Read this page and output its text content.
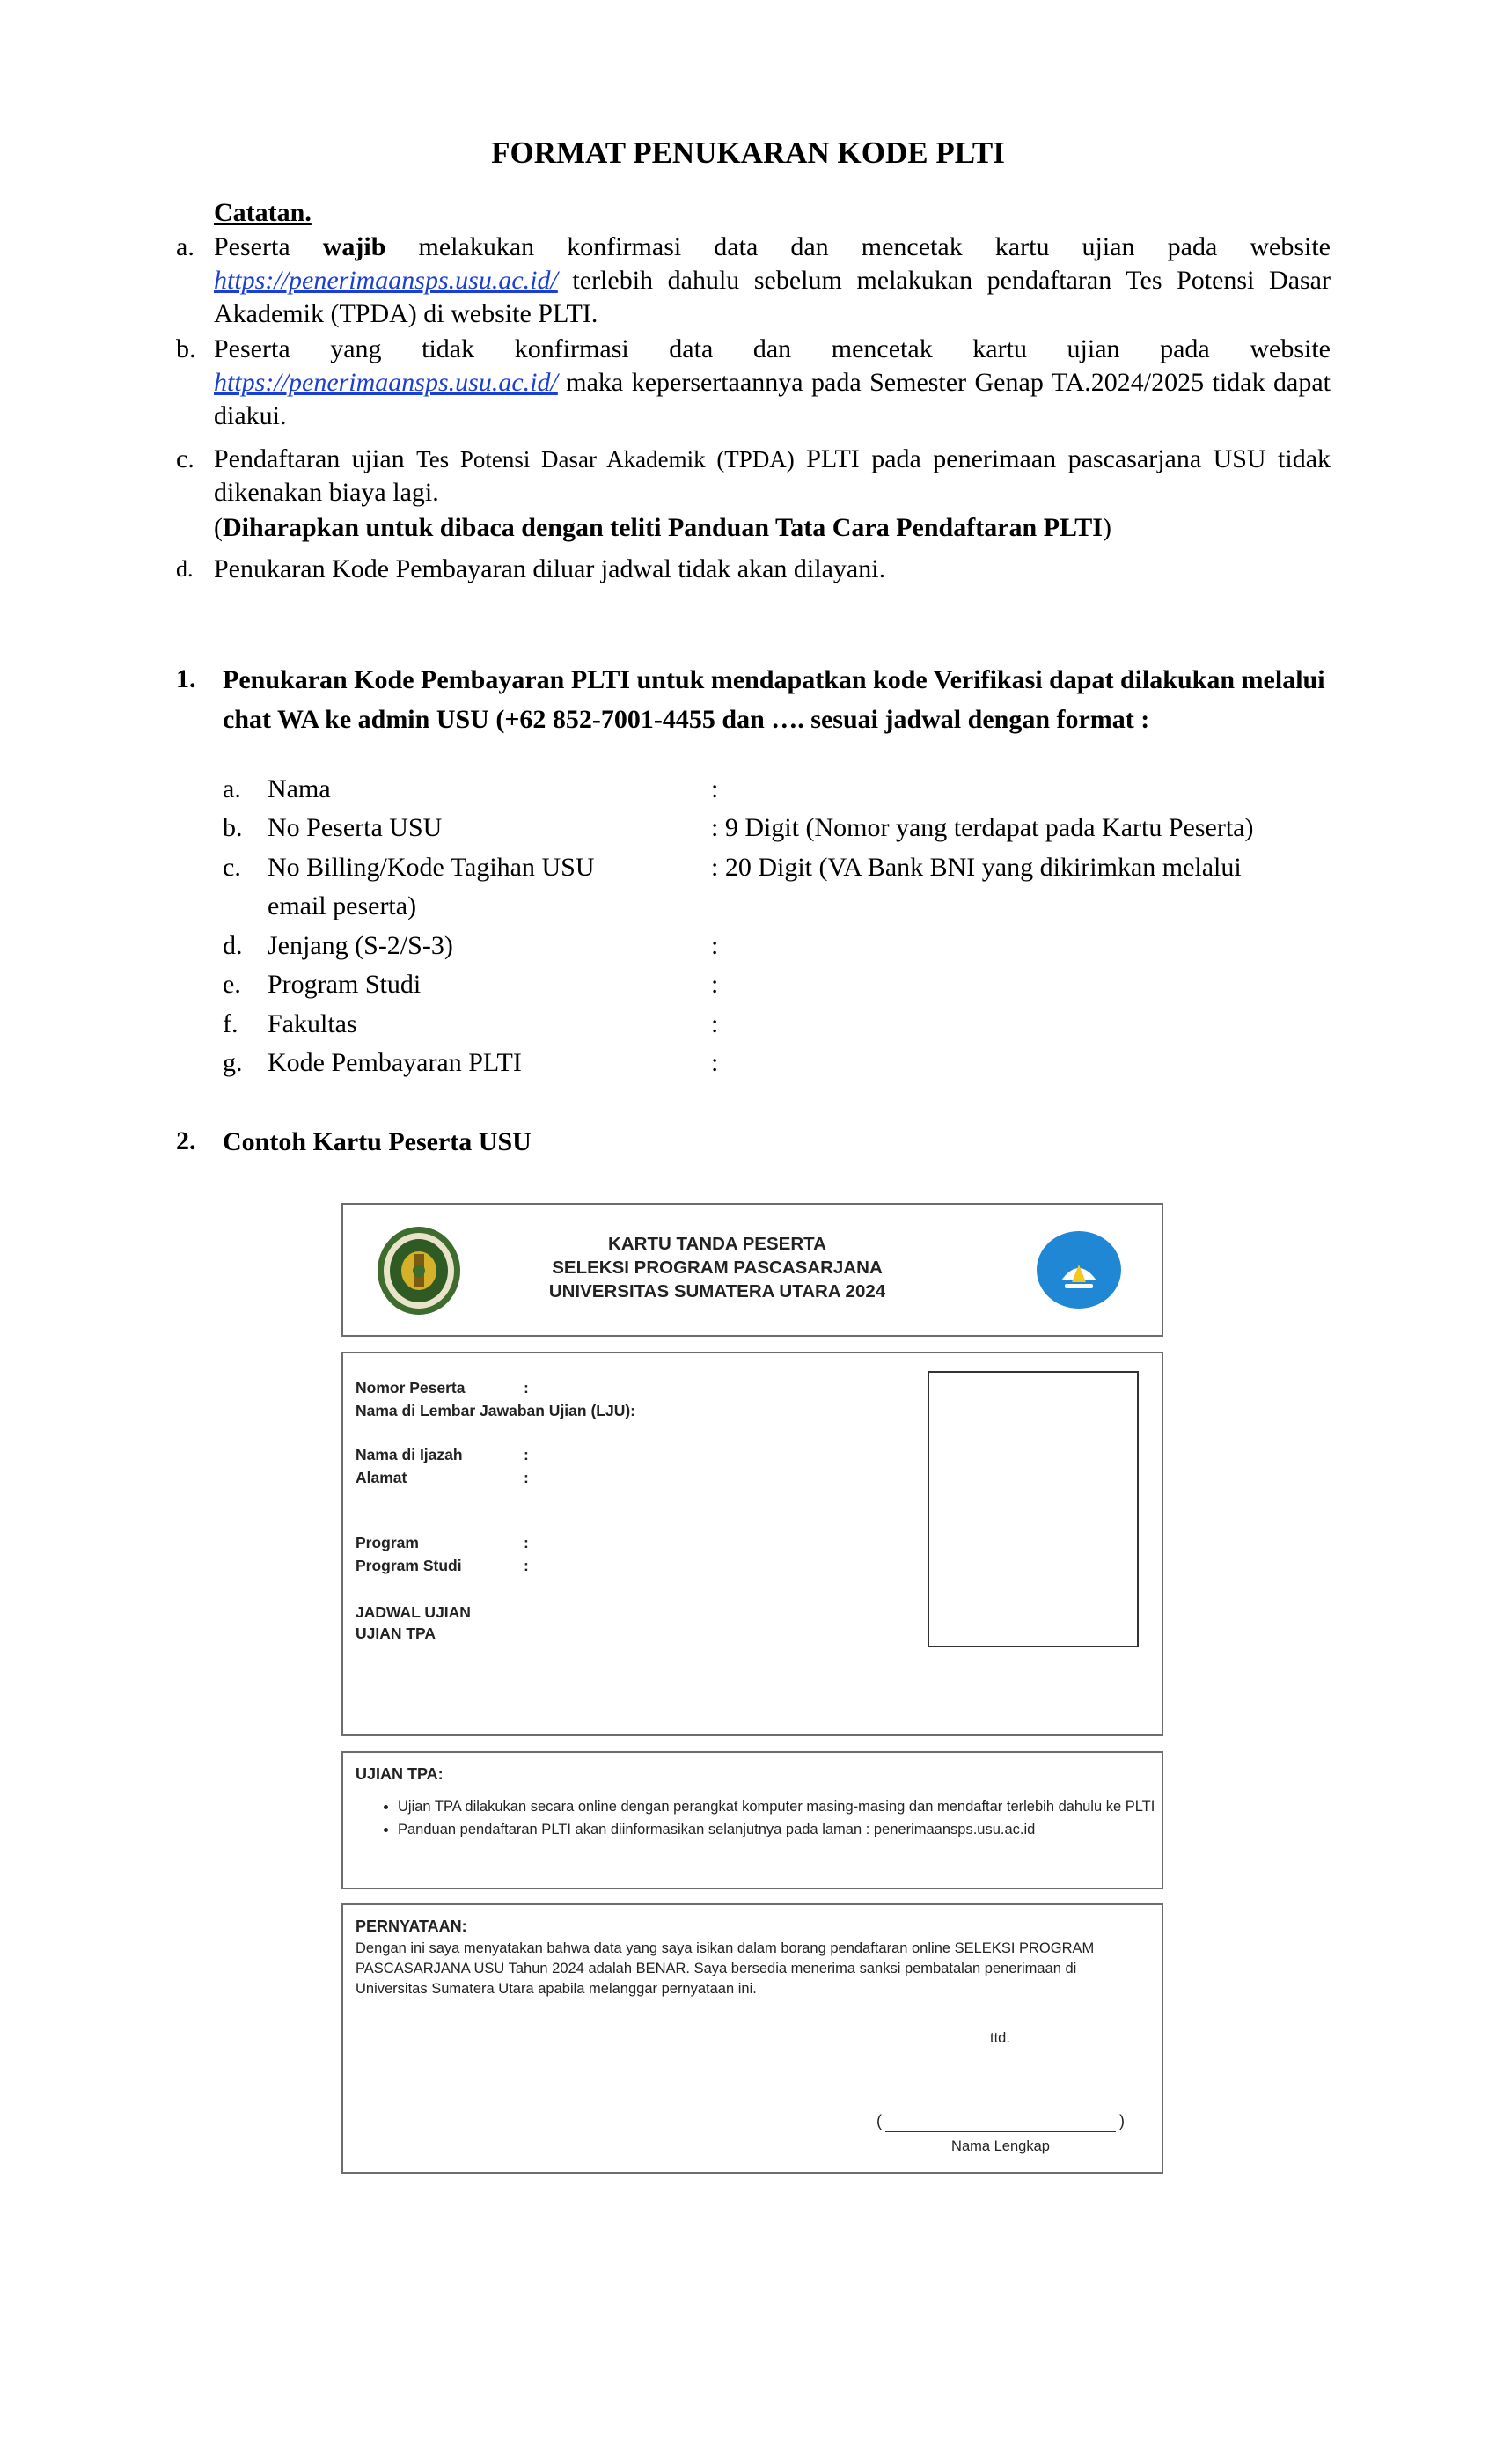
FORMAT PENUKARAN KODE PLTI
Catatan.
a. Peserta wajib melakukan konfirmasi data dan mencetak kartu ujian pada website https://penerimaansps.usu.ac.id/ terlebih dahulu sebelum melakukan pendaftaran Tes Potensi Dasar Akademik (TPDA) di website PLTI.
b. Peserta yang tidak konfirmasi data dan mencetak kartu ujian pada website https://penerimaansps.usu.ac.id/ maka kepersertaannya pada Semester Genap TA.2024/2025 tidak dapat diakui.
c. Pendaftaran ujian Tes Potensi Dasar Akademik (TPDA) PLTI pada penerimaan pascasarjana USU tidak dikenakan biaya lagi.
(Diharapkan untuk dibaca dengan teliti Panduan Tata Cara Pendaftaran PLTI)
d. Penukaran Kode Pembayaran diluar jadwal tidak akan dilayani.
1. Penukaran Kode Pembayaran PLTI untuk mendapatkan kode Verifikasi dapat dilakukan melalui chat WA ke admin USU (+62 852-7001-4455 dan …. sesuai jadwal dengan format :
a.	Nama	:
b. No Peserta USU	: 9 Digit (Nomor yang terdapat pada Kartu Peserta)
c.	No Billing/Kode Tagihan USU	: 20 Digit (VA Bank BNI yang dikirimkan melalui
email peserta)
d. Jenjang (S-2/S-3)	:
e.	Program Studi	:
f.	Fakultas	:
g. Kode Pembayaran PLTI	:
2. Contoh Kartu Peserta USU
KARTU TANDA PESERTA
SELEKSI PROGRAM PASCASARJANA
UNIVERSITAS SUMATERA UTARA 2024
Nomor Peserta	:
Nama di Lembar Jawaban Ujian (LJU):
Nama di Ijazah	:
Alamat	:
Program	:
Program Studi	:
JADWAL UJIAN
UJIAN TPA
UJIAN TPA:
• Ujian TPA dilakukan secara online dengan perangkat komputer masing-masing dan mendaftar terlebih dahulu ke PLTI
• Panduan pendaftaran PLTI akan diinformasikan selanjutnya pada laman : penerimaansps.usu.ac.id
PERNYATAAN:
Dengan ini saya menyatakan bahwa data yang saya isikan dalam borang pendaftaran online SELEKSI PROGRAM PASCASARJANA USU Tahun 2024 adalah BENAR. Saya bersedia menerima sanksi pembatalan penerimaan di Universitas Sumatera Utara apabila melanggar pernyataan ini.
ttd.
(	)
Nama Lengkap
